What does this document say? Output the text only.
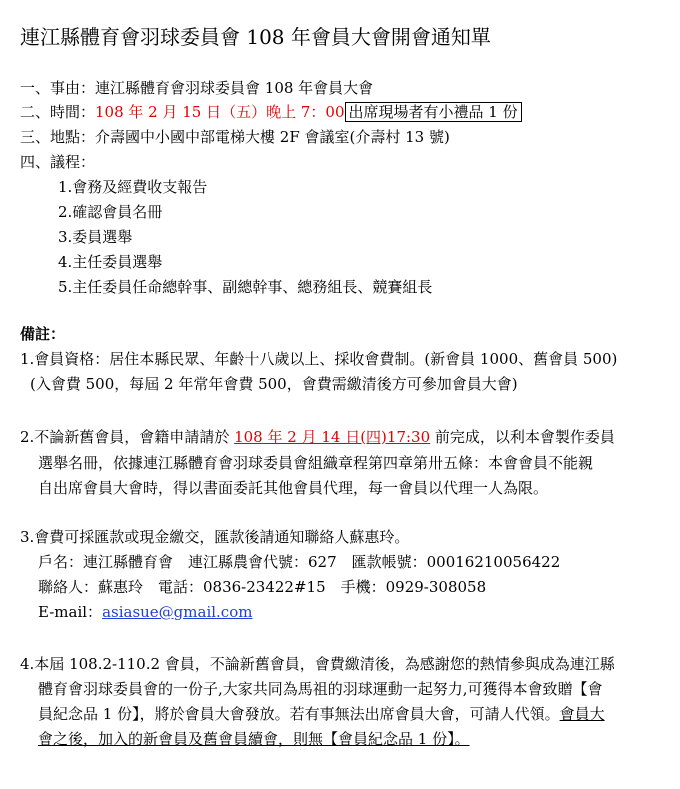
連江縣體育會羽球委員會 108 年會員大會開會通知單
一、事由：連江縣體育會羽球委員會 108 年會員大會
二、時間：108 年 2 月 15 日（五）晚上 7：00 出席現場者有小禮品 1 份
三、地點：介壽國中小國中部電梯大樓 2F 會議室(介壽村 13 號)
四、議程：
1.會務及經費收支報告
2.確認會員名冊
3.委員選舉
4.主任委員選舉
5.主任委員任命總幹事、副總幹事、總務組長、競賽組長
備註：
1.會員資格：居住本縣民眾、年齡十八歲以上、採收會費制。(新會員 1000、舊會員 500)
(入會費 500，每屆 2 年常年會費 500，會費需繳清後方可參加會員大會)
2.不論新舊會員，會籍申請請於 108 年 2 月 14 日(四)17:30 前完成，以利本會製作委員
選舉名冊，依據連江縣體育會羽球委員會組織章程第四章第卅五條：本會會員不能親
自出席會員大會時，得以書面委託其他會員代理，每一會員以代理一人為限。
3.會費可採匯款或現金繳交，匯款後請通知聯絡人蘇惠玲。
戶名：連江縣體育會　連江縣農會代號：627　匯款帳號：00016210056422
聯絡人：蘇惠玲　電話：0836-23422#15　手機：0929-308058
E-mail：asiasue@gmail.com
4.本屆 108.2-110.2 會員，不論新舊會員，會費繳清後，為感謝您的熱情參與成為連江縣
體育會羽球委員會的一份子,大家共同為馬祖的羽球運動一起努力,可獲得本會致贈【會
員紀念品 1 份】，將於會員大會發放。若有事無法出席會員大會，可請人代領。會員大
會之後，加入的新會員及舊會員續會，則無【會員紀念品 1 份】。
